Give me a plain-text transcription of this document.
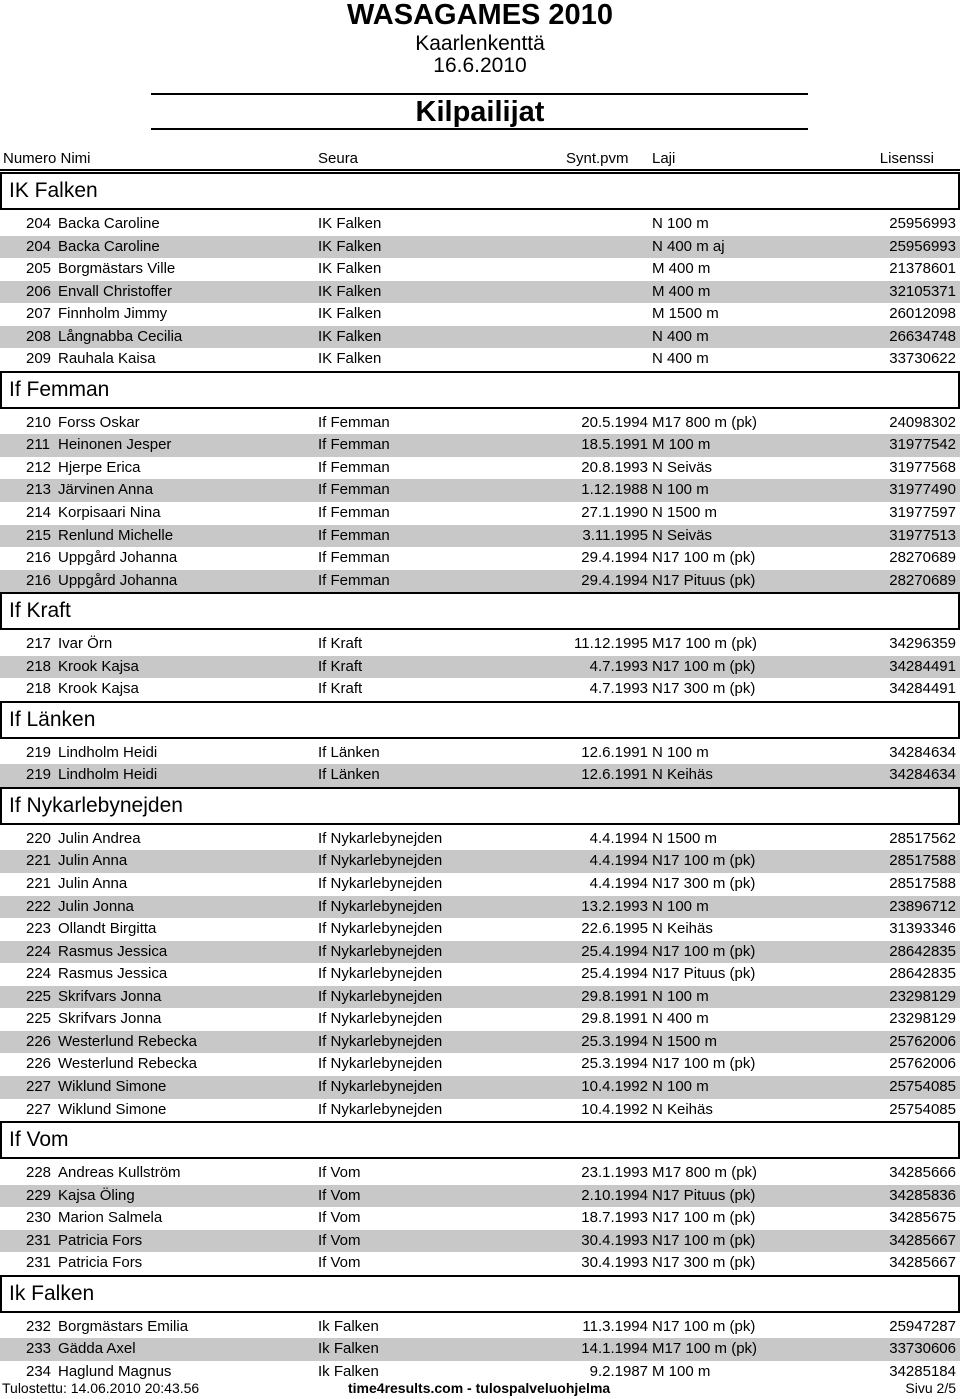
WASAGAMES 2010
Kaarlenkenttä
16.6.2010
Kilpailijat
Numero Nimi	Seura	Synt.pvm Laji	Lisenssi
IK Falken
204 Backa Caroline	IK Falken	N 100 m	25956993
204 Backa Caroline	IK Falken	N 400 m aj	25956993
205 Borgmästars Ville	IK Falken	M 400 m	21378601
206 Envall Christoffer	IK Falken	M 400 m	32105371
207 Finnholm Jimmy	IK Falken	M 1500 m	26012098
208 Långnabba Cecilia	IK Falken	N 400 m	26634748
209 Rauhala Kaisa	IK Falken	N 400 m	33730622
If Femman
210 Forss Oskar	If Femman	20.5.1994 M17 800 m (pk)	24098302
211 Heinonen Jesper	If Femman	18.5.1991 M 100 m	31977542
212 Hjerpe Erica	If Femman	20.8.1993 N Seiväs	31977568
213 Järvinen Anna	If Femman	1.12.1988 N 100 m	31977490
214 Korpisaari Nina	If Femman	27.1.1990 N 1500 m	31977597
215 Renlund Michelle	If Femman	3.11.1995 N Seiväs	31977513
216 Uppgård Johanna	If Femman	29.4.1994 N17 100 m (pk)	28270689
216 Uppgård Johanna	If Femman	29.4.1994 N17 Pituus (pk)	28270689
If Kraft
217 Ivar Örn	If Kraft	11.12.1995 M17 100 m (pk)	34296359
218 Krook Kajsa	If Kraft	4.7.1993 N17 100 m (pk)	34284491
218 Krook Kajsa	If Kraft	4.7.1993 N17 300 m (pk)	34284491
If Länken
219 Lindholm Heidi	If Länken	12.6.1991 N 100 m	34284634
219 Lindholm Heidi	If Länken	12.6.1991 N Keihäs	34284634
If Nykarlebynejden
220 Julin Andrea	If Nykarlebynejden	4.4.1994 N 1500 m	28517562
221 Julin Anna	If Nykarlebynejden	4.4.1994 N17 100 m (pk)	28517588
221 Julin Anna	If Nykarlebynejden	4.4.1994 N17 300 m (pk)	28517588
222 Julin Jonna	If Nykarlebynejden	13.2.1993 N 100 m	23896712
223 Ollandt Birgitta	If Nykarlebynejden	22.6.1995 N Keihäs	31393346
224 Rasmus Jessica	If Nykarlebynejden	25.4.1994 N17 100 m (pk)	28642835
224 Rasmus Jessica	If Nykarlebynejden	25.4.1994 N17 Pituus (pk)	28642835
225 Skrifvars Jonna	If Nykarlebynejden	29.8.1991 N 100 m	23298129
225 Skrifvars Jonna	If Nykarlebynejden	29.8.1991 N 400 m	23298129
226 Westerlund Rebecka	If Nykarlebynejden	25.3.1994 N 1500 m	25762006
226 Westerlund Rebecka	If Nykarlebynejden	25.3.1994 N17 100 m (pk)	25762006
227 Wiklund Simone	If Nykarlebynejden	10.4.1992 N 100 m	25754085
227 Wiklund Simone	If Nykarlebynejden	10.4.1992 N Keihäs	25754085
If Vom
228 Andreas Kullström	If Vom	23.1.1993 M17 800 m (pk)	34285666
229 Kajsa Öling	If Vom	2.10.1994 N17 Pituus (pk)	34285836
230 Marion Salmela	If Vom	18.7.1993 N17 100 m (pk)	34285675
231 Patricia Fors	If Vom	30.4.1993 N17 100 m (pk)	34285667
231 Patricia Fors	If Vom	30.4.1993 N17 300 m (pk)	34285667
Ik Falken
232 Borgmästars Emilia	Ik Falken	11.3.1994 N17 100 m (pk)	25947287
233 Gädda Axel	Ik Falken	14.1.1994 M17 100 m (pk)	33730606
234 Haglund Magnus	Ik Falken	9.2.1987 M 100 m	34285184
Tulostettu: 14.06.2010 20:43.56	time4results.com - tulospalveluohjelma	Sivu 2/5
